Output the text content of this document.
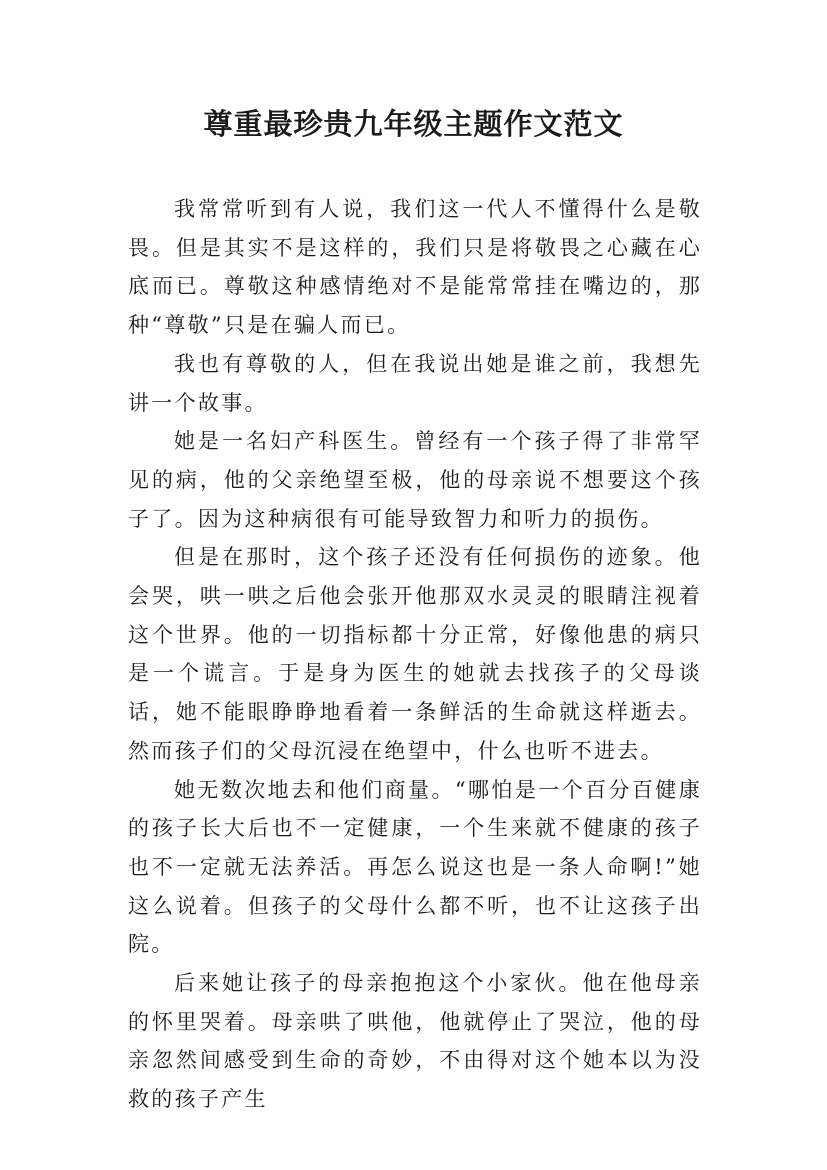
尊重最珍贵九年级主题作文范文

我常常听到有人说，我们这一代人不懂得什么是敬畏。但是其实不是这样的，我们只是将敬畏之心藏在心底而已。尊敬这种感情绝对不是能常常挂在嘴边的，那种“尊敬”只是在骗人而已。

我也有尊敬的人，但在我说出她是谁之前，我想先讲一个故事。

她是一名妇产科医生。曾经有一个孩子得了非常罕见的病，他的父亲绝望至极，他的母亲说不想要这个孩子了。因为这种病很有可能导致智力和听力的损伤。

但是在那时，这个孩子还没有任何损伤的迹象。他会哭，哄一哄之后他会张开他那双水灵灵的眼睛注视着这个世界。他的一切指标都十分正常，好像他患的病只是一个谎言。于是身为医生的她就去找孩子的父母谈话，她不能眼睁睁地看着一条鲜活的生命就这样逝去。然而孩子们的父母沉浸在绝望中，什么也听不进去。

她无数次地去和他们商量。“哪怕是一个百分百健康的孩子长大后也不一定健康，一个生来就不健康的孩子也不一定就无法养活。再怎么说这也是一条人命啊!”她这么说着。但孩子的父母什么都不听，也不让这孩子出院。

后来她让孩子的母亲抱抱这个小家伙。他在他母亲的怀里哭着。母亲哄了哄他，他就停止了哭泣，他的母亲忽然间感受到生命的奇妙，不由得对这个她本以为没救的孩子产生
